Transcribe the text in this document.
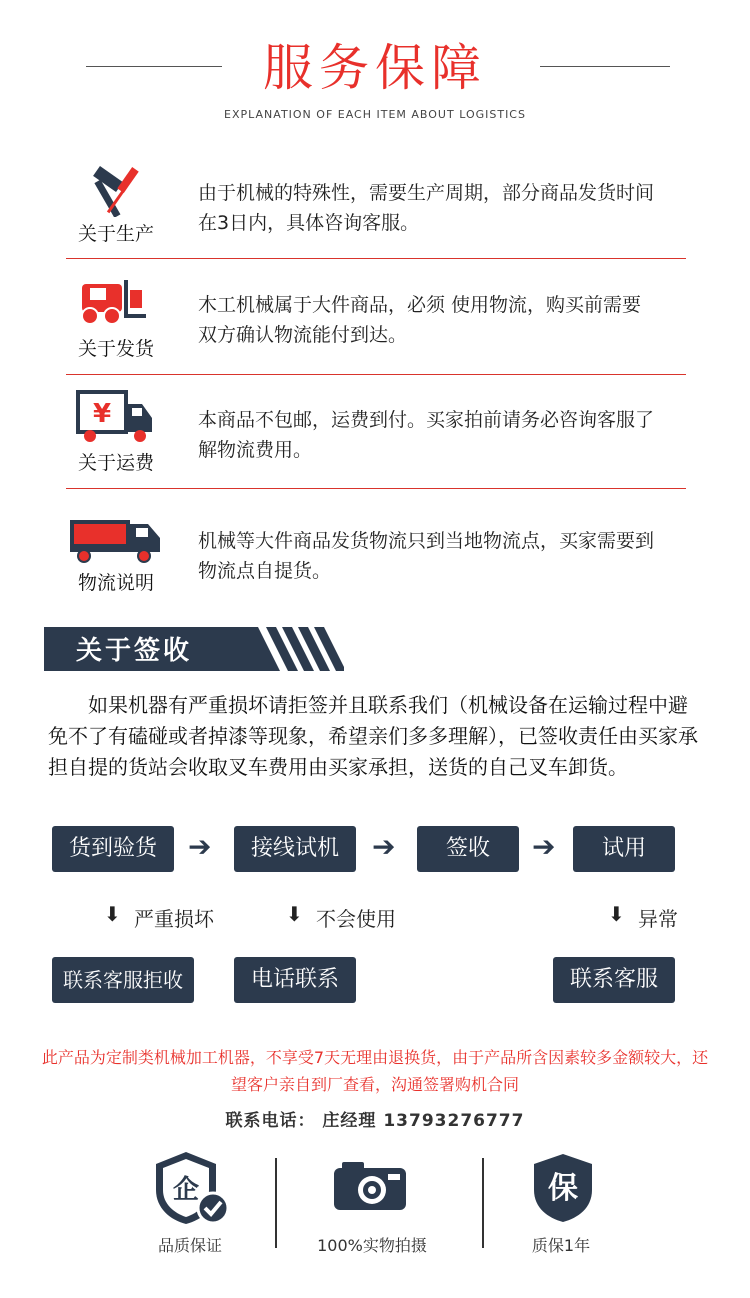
服务保障
EXPLANATION OF EACH ITEM ABOUT LOGISTICS
关于生产
由于机械的特殊性，需要生产周期，部分商品发货时间在3日内，具体咨询客服。
关于发货
木工机械属于大件商品，必须 使用物流，购买前需要双方确认物流能付到达。
¥
关于运费
本商品不包邮，运费到付。买家拍前请务必咨询客服了解物流费用。
物流说明
机械等大件商品发货物流只到当地物流点，买家需要到物流点自提货。
关于签收
如果机器有严重损坏请拒签并且联系我们（机械设备在运输过程中避免不了有磕碰或者掉漆等现象，希望亲们多多理解），已签收责任由买家承担自提的货站会收取叉车费用由买家承担，送货的自己叉车卸货。
货到验货	➔	接线试机	➔	签收	➔	试用
⬇ 严重损坏	⬇ 不会使用	⬇ 异常
联系客服拒收	电话联系	联系客服
此产品为定制类机械加工机器，不享受7天无理由退换货，由于产品所含因素较多金额较大，还望客户亲自到厂查看，沟通签署购机合同
联系电话： 庄经理 13793276777
企
品质保证	100%实物拍摄
保
质保1年
